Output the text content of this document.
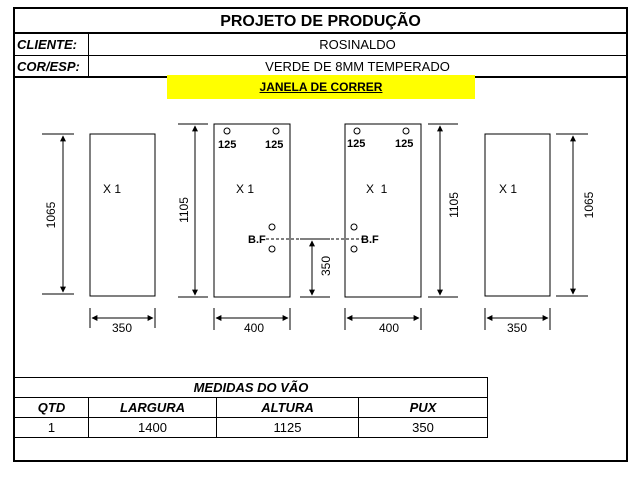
PROJETO DE PRODUÇÃO
CLIENTE:	ROSINALDO
COR/ESP:	VERDE DE 8MM TEMPERADO
JANELA DE CORRER
X 1
1065
350
125	125
X 1
B.F
1105
400
350
125	125
X  1
B.F
1105
400
X 1
1065
350
MEDIDAS DO VÃO			
QTD	LARGURA	ALTURA	PUX
1	1400	1125	350
